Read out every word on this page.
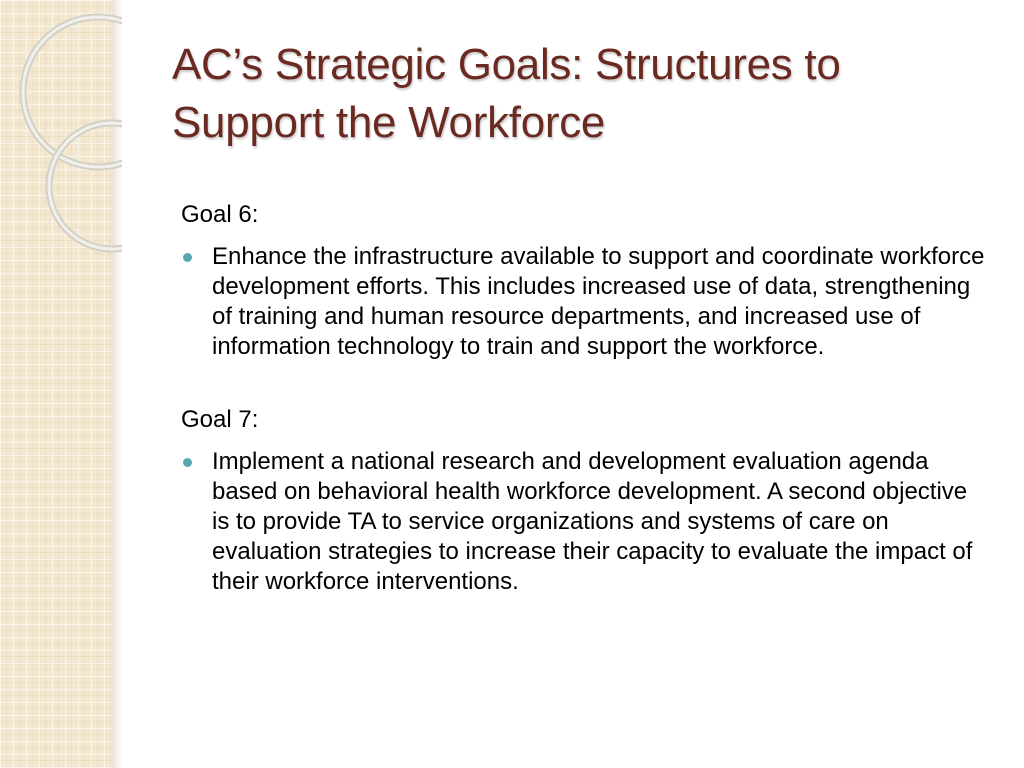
AC’s Strategic Goals: Structures to Support the Workforce

Goal 6:

Enhance the infrastructure available to support and coordinate workforce development efforts. This includes increased use of data, strengthening of training and human resource departments, and increased use of information technology to train and support the workforce.

Goal 7:

Implement a national research and development evaluation agenda based on behavioral health workforce development. A second objective is to provide TA to service organizations and systems of care on evaluation strategies to increase their capacity to evaluate the impact of their workforce interventions.
